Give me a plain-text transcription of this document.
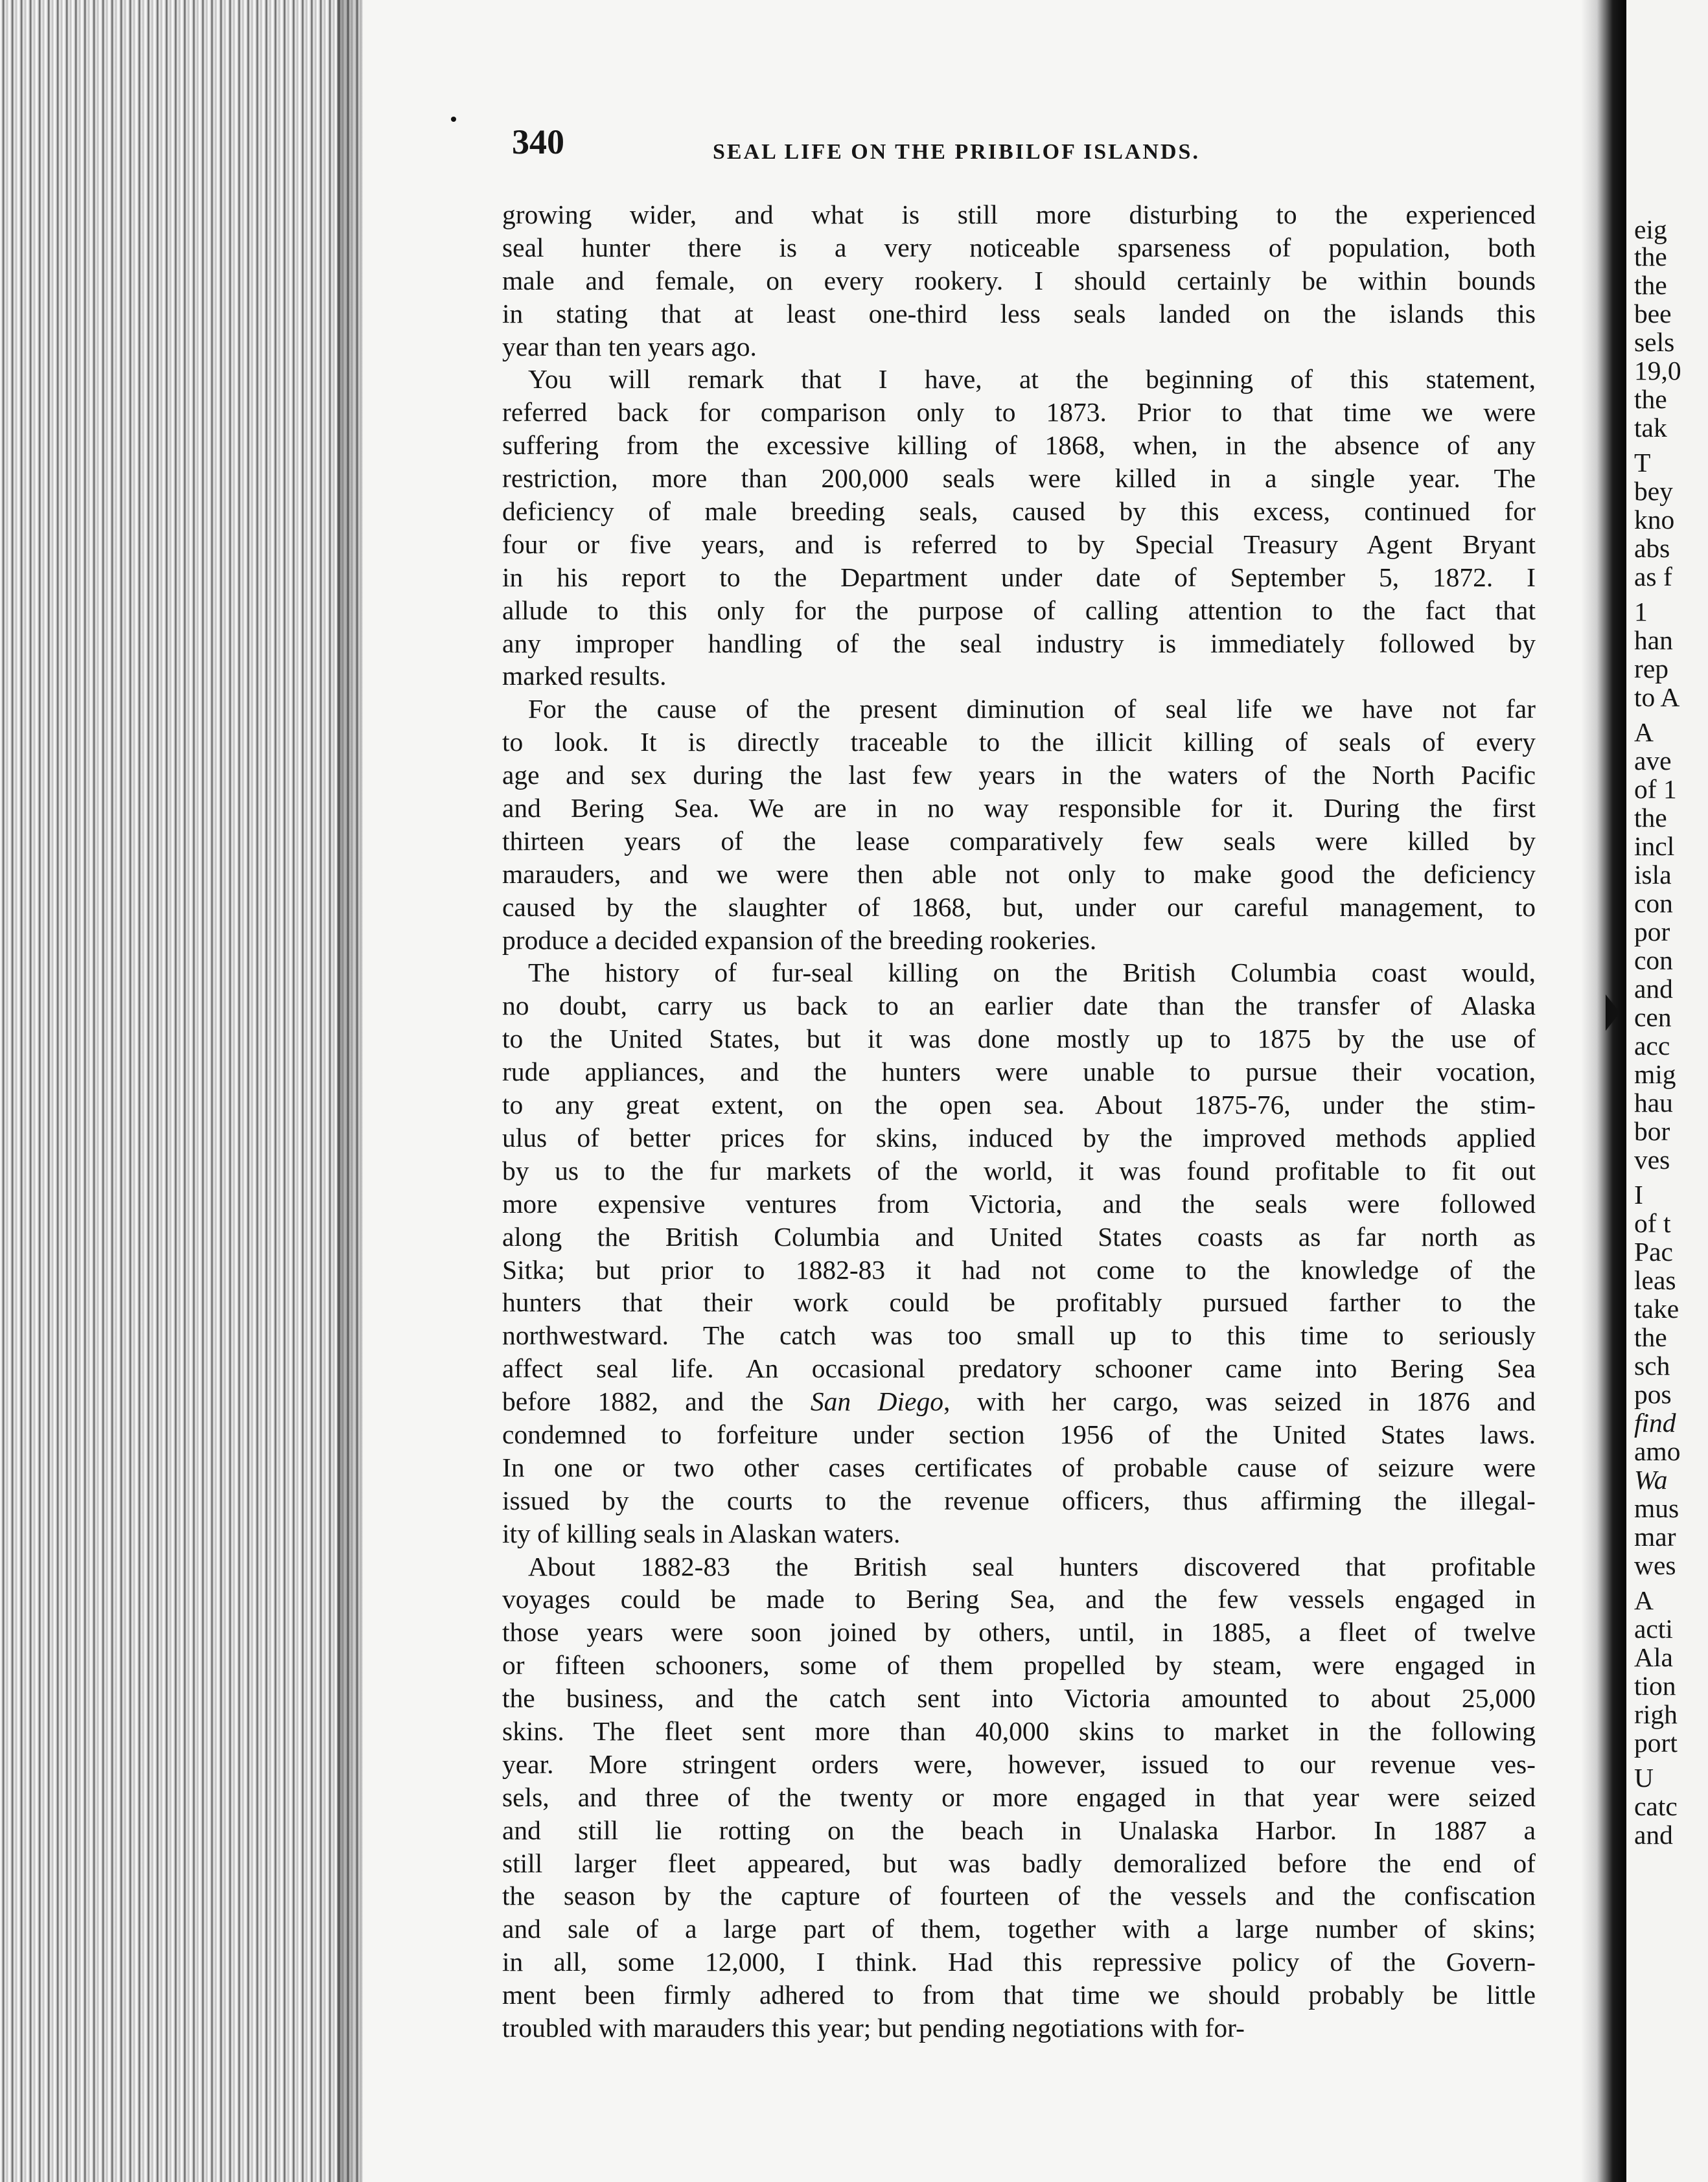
340	SEAL LIFE ON THE PRIBILOF ISLANDS.
growing wider, and what is still more disturbing to the experienced
seal hunter there is a very noticeable sparseness of population, both
male and female, on every rookery. I should certainly be within bounds
in stating that at least one-third less seals landed on the islands this
year than ten years ago.
You will remark that I have, at the beginning of this statement,
referred back for comparison only to 1873. Prior to that time we were
suffering from the excessive killing of 1868, when, in the absence of any
restriction, more than 200,000 seals were killed in a single year. The
deficiency of male breeding seals, caused by this excess, continued for
four or five years, and is referred to by Special Treasury Agent Bryant
in his report to the Department under date of September 5, 1872. I
allude to this only for the purpose of calling attention to the fact that
any improper handling of the seal industry is immediately followed by
marked results.
For the cause of the present diminution of seal life we have not far
to look. It is directly traceable to the illicit killing of seals of every
age and sex during the last few years in the waters of the North Pacific
and Bering Sea. We are in no way responsible for it. During the first
thirteen years of the lease comparatively few seals were killed by
marauders, and we were then able not only to make good the deficiency
caused by the slaughter of 1868, but, under our careful management, to
produce a decided expansion of the breeding rookeries.
The history of fur-seal killing on the British Columbia coast would,
no doubt, carry us back to an earlier date than the transfer of Alaska
to the United States, but it was done mostly up to 1875 by the use of
rude appliances, and the hunters were unable to pursue their vocation,
to any great extent, on the open sea. About 1875-76, under the stim-
ulus of better prices for skins, induced by the improved methods applied
by us to the fur markets of the world, it was found profitable to fit out
more expensive ventures from Victoria, and the seals were followed
along the British Columbia and United States coasts as far north as
Sitka; but prior to 1882-83 it had not come to the knowledge of the
hunters that their work could be profitably pursued farther to the
northwestward. The catch was too small up to this time to seriously
affect seal life. An occasional predatory schooner came into Bering Sea
before 1882, and the San Diego, with her cargo, was seized in 1876 and
condemned to forfeiture under section 1956 of the United States laws.
In one or two other cases certificates of probable cause of seizure were
issued by the courts to the revenue officers, thus affirming the illegal-
ity of killing seals in Alaskan waters.
About 1882-83 the British seal hunters discovered that profitable
voyages could be made to Bering Sea, and the few vessels engaged in
those years were soon joined by others, until, in 1885, a fleet of twelve
or fifteen schooners, some of them propelled by steam, were engaged in
the business, and the catch sent into Victoria amounted to about 25,000
skins. The fleet sent more than 40,000 skins to market in the following
year. More stringent orders were, however, issued to our revenue ves-
sels, and three of the twenty or more engaged in that year were seized
and still lie rotting on the beach in Unalaska Harbor. In 1887 a
still larger fleet appeared, but was badly demoralized before the end of
the season by the capture of fourteen of the vessels and the confiscation
and sale of a large part of them, together with a large number of skins;
in all, some 12,000, I think. Had this repressive policy of the Govern-
ment been firmly adhered to from that time we should probably be little
troubled with marauders this year; but pending negotiations with for-
eig
the
the
bee
sels
19,0
the
tak
T
bey
kno
abs
as f
1
han
rep
to A
A
ave
of 1
the
incl
isla
con
por
con
and
cen
acc
mig
hau
bor
ves
I
of t
Pac
leas
take
the
sch
pos
find
amo
Wa
mus
mar
wes
A
acti
Ala
tion
righ
port
U
catc
and
